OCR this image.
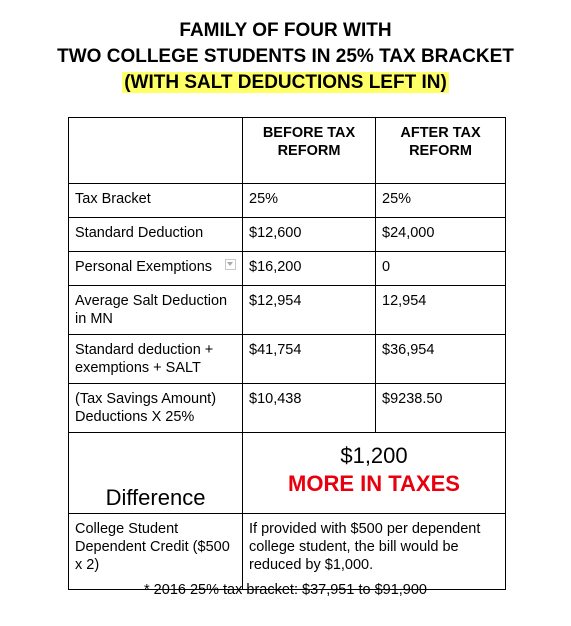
FAMILY OF FOUR WITH
TWO COLLEGE STUDENTS IN 25% TAX BRACKET
(WITH SALT DEDUCTIONS LEFT IN)
	BEFORE TAX REFORM	AFTER TAX REFORM
Tax Bracket	25%	25%
Standard Deduction	$12,600	$24,000
Personal Exemptions	$16,200	0
Average Salt Deduction in MN	$12,954	12,954
Standard deduction + exemptions + SALT	$41,754	$36,954
(Tax Savings Amount) Deductions X 25%	$10,438	$9238.50
Difference	$1,200
MORE IN TAXES	

College Student Dependent Credit ($500 x 2)	If provided with $500 per dependent college student, the bill would be reduced by $1,000.	
* 2016 25% tax bracket: $37,951 to $91,900
